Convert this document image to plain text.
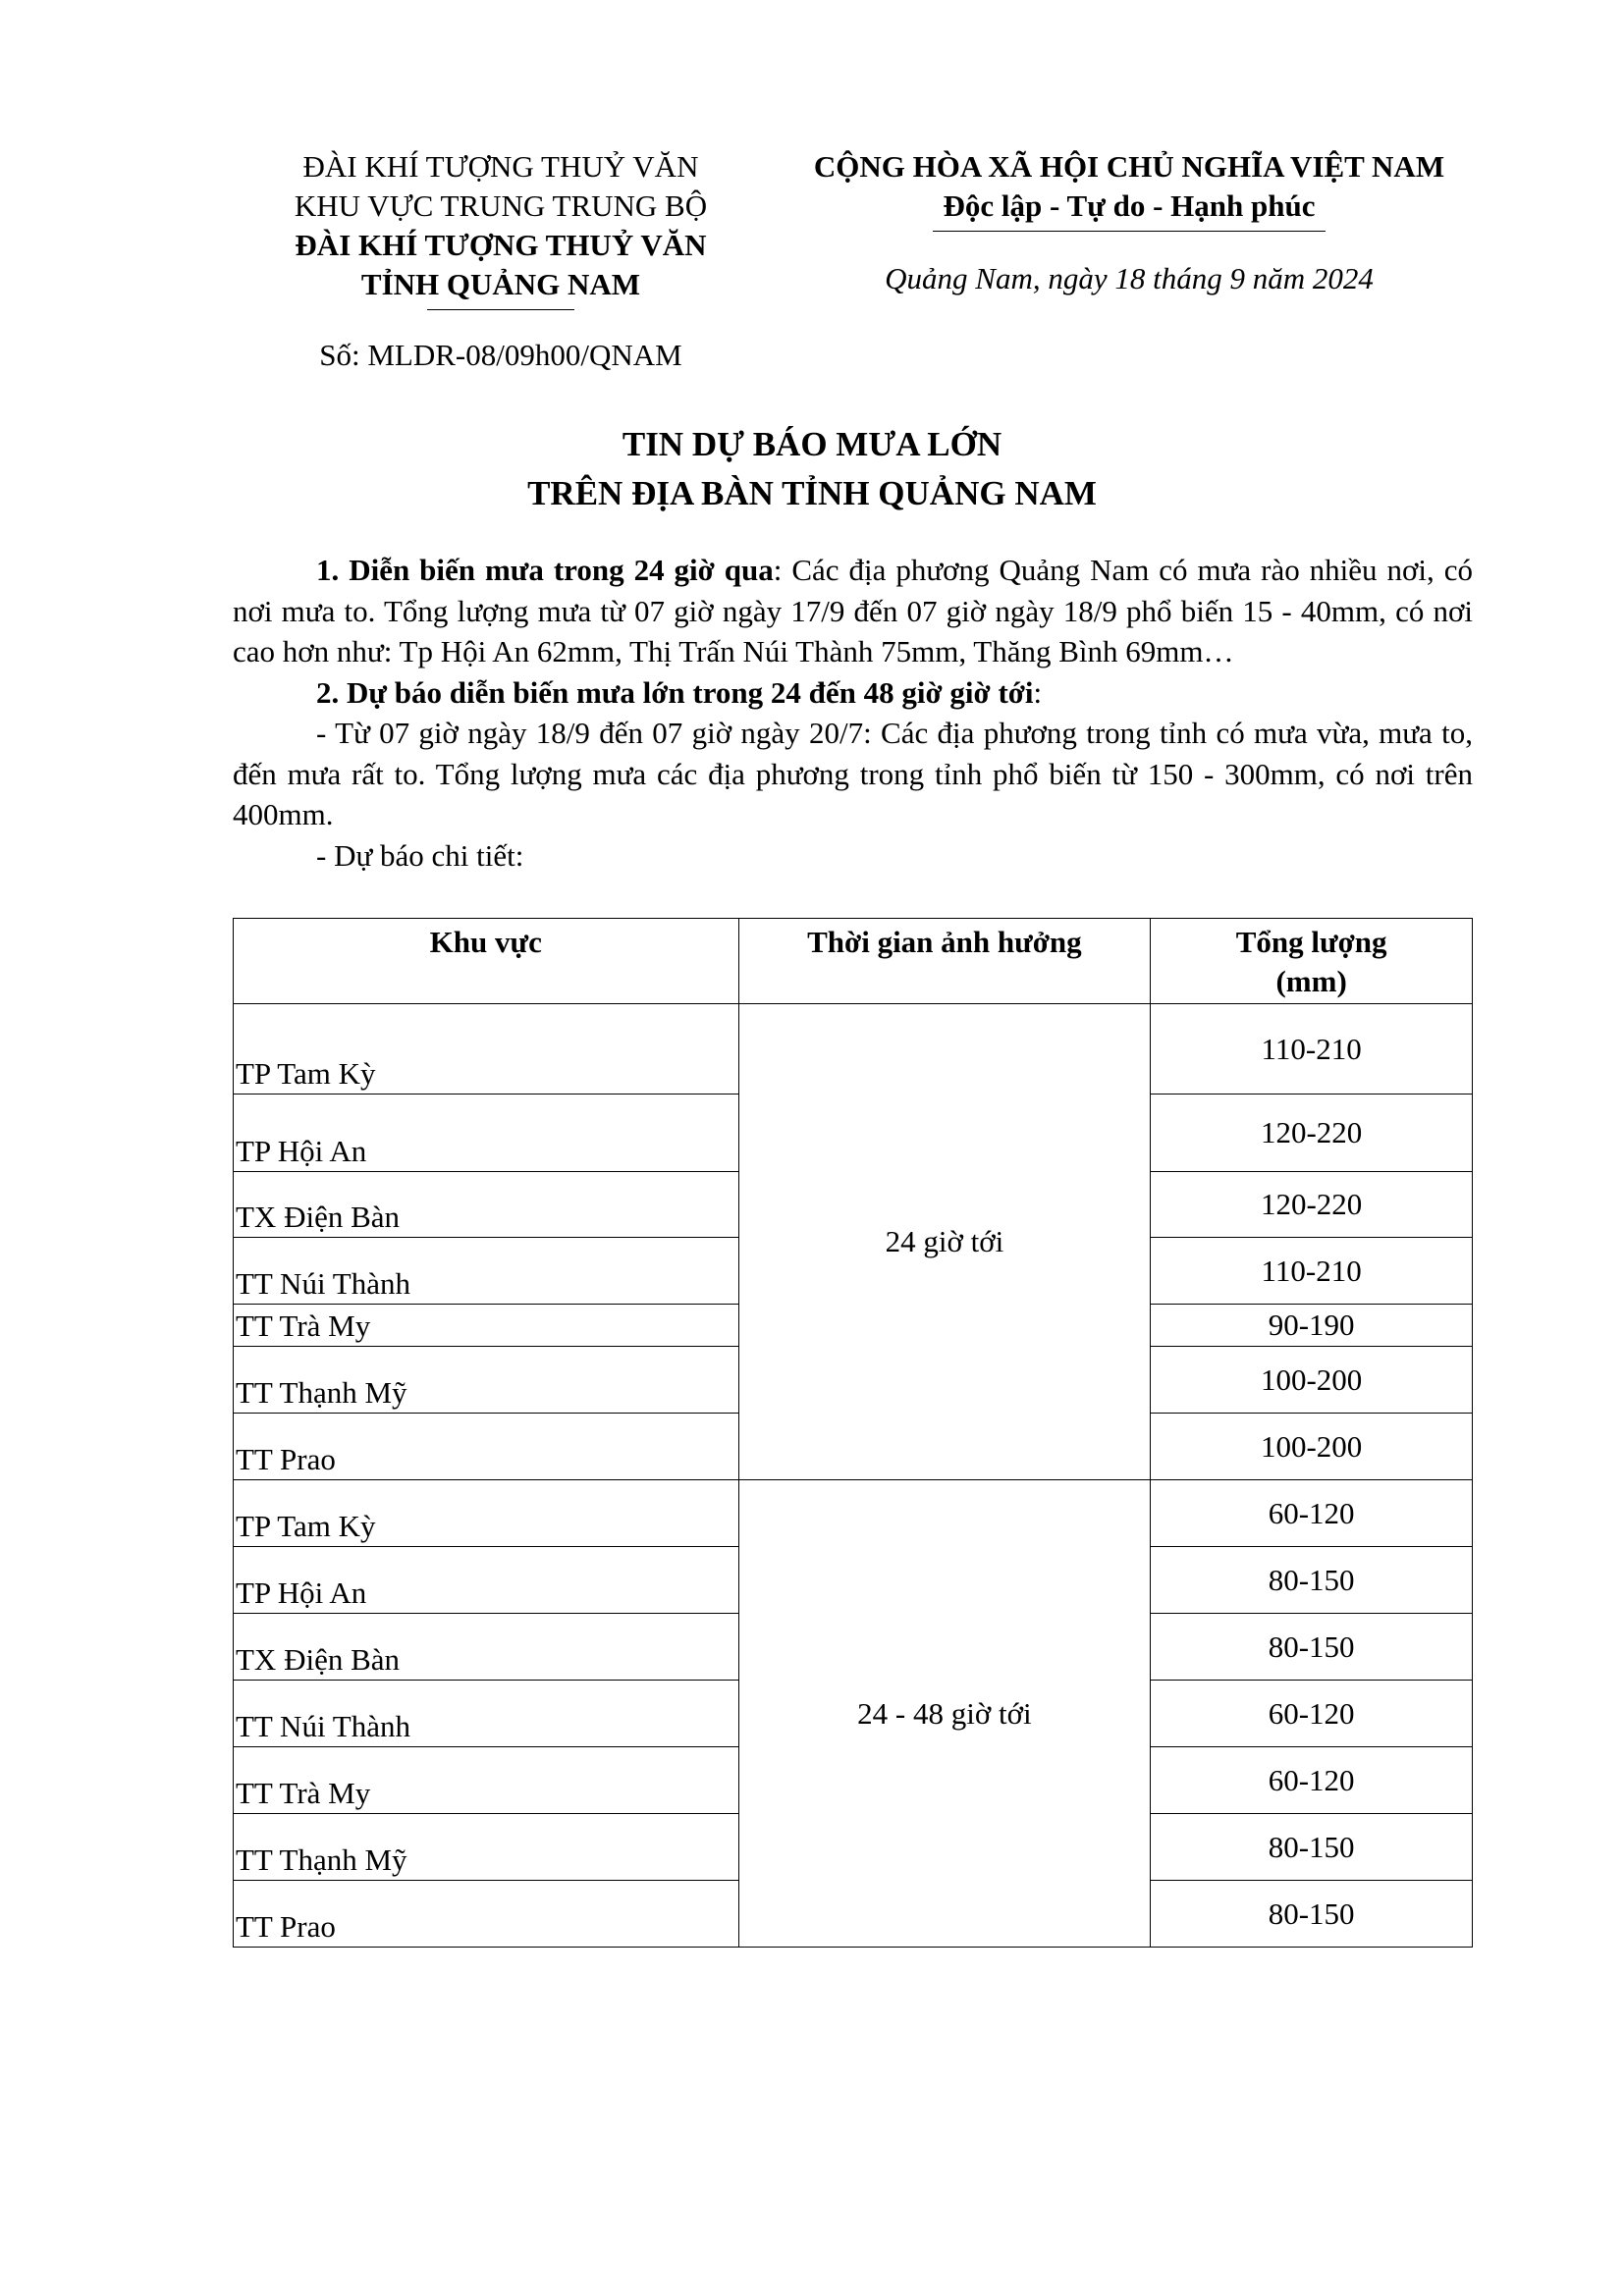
ĐÀI KHÍ TƯỢNG THUỶ VĂN
KHU VỰC TRUNG TRUNG BỘ
ĐÀI KHÍ TƯỢNG THUỶ VĂN
TỈNH QUẢNG NAM
Số: MLDR-08/09h00/QNAM
CỘNG HÒA XÃ HỘI CHỦ NGHĨA VIỆT NAM
Độc lập - Tự do - Hạnh phúc
Quảng Nam, ngày 18 tháng 9 năm 2024
TIN DỰ BÁO MƯA LỚN
TRÊN ĐỊA BÀN TỈNH QUẢNG NAM

1. Diễn biến mưa trong 24 giờ qua: Các địa phương Quảng Nam có mưa rào nhiều nơi, có nơi mưa to. Tổng lượng mưa từ 07 giờ ngày 17/9 đến 07 giờ ngày 18/9 phổ biến 15 - 40mm, có nơi cao hơn như: Tp Hội An 62mm, Thị Trấn Núi Thành 75mm, Thăng Bình 69mm…

2. Dự báo diễn biến mưa lớn trong 24 đến 48 giờ giờ tới:

- Từ 07 giờ ngày 18/9 đến 07 giờ ngày 20/7: Các địa phương trong tỉnh có mưa vừa, mưa to, đến mưa rất to. Tổng lượng mưa các địa phương trong tỉnh phổ biến từ 150 - 300mm, có nơi trên 400mm.

- Dự báo chi tiết:

Khu vực	Thời gian ảnh hưởng	Tổng lượng
(mm)

TP Tam Kỳ	24 giờ tới	110-210
TP Hội An		120-220
TX Điện Bàn		120-220
TT Núi Thành		110-210
TT Trà My		90-190
TT Thạnh Mỹ		100-200
TT Prao		100-200
TP Tam Kỳ	24 - 48 giờ tới	60-120
TP Hội An		80-150
TX Điện Bàn		80-150
TT Núi Thành		60-120
TT Trà My		60-120
TT Thạnh Mỹ		80-150
TT Prao		80-150
